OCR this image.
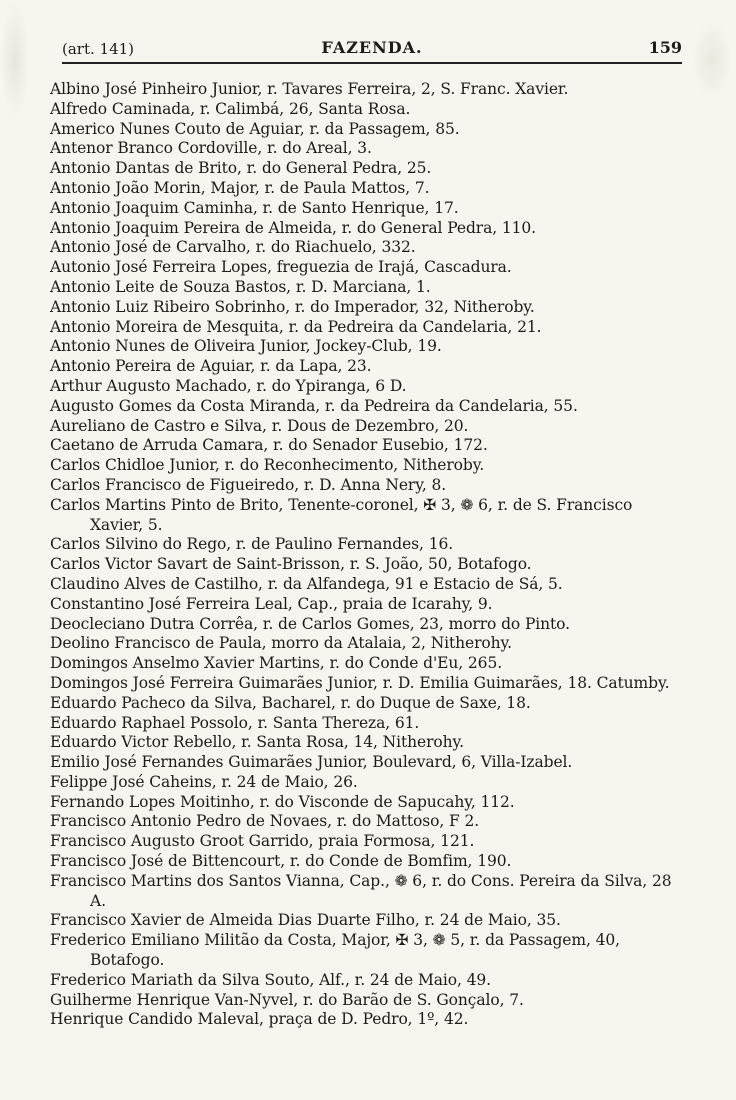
(art. 141)	FAZENDA.	159

Albino José Pinheiro Junior, r. Tavares Ferreira, 2, S. Franc. Xavier.

Alfredo Caminada, r. Calimbá, 26, Santa Rosa.

Americo Nunes Couto de Aguiar, r. da Passagem, 85.

Antenor Branco Cordoville, r. do Areal, 3.

Antonio Dantas de Brito, r. do General Pedra, 25.

Antonio João Morin, Major, r. de Paula Mattos, 7.

Antonio Joaquim Caminha, r. de Santo Henrique, 17.

Antonio Joaquim Pereira de Almeida, r. do General Pedra, 110.

Antonio José de Carvalho, r. do Riachuelo, 332.

Autonio José Ferreira Lopes, freguezia de Irajá, Cascadura.

Antonio Leite de Souza Bastos, r. D. Marciana, 1.

Antonio Luiz Ribeiro Sobrinho, r. do Imperador, 32, Nitheroby.

Antonio Moreira de Mesquita, r. da Pedreira da Candelaria, 21.

Antonio Nunes de Oliveira Junior, Jockey-Club, 19.

Antonio Pereira de Aguiar, r. da Lapa, 23.

Arthur Augusto Machado, r. do Ypiranga, 6 D.

Augusto Gomes da Costa Miranda, r. da Pedreira da Candelaria, 55.

Aureliano de Castro e Silva, r. Dous de Dezembro, 20.

Caetano de Arruda Camara, r. do Senador Eusebio, 172.

Carlos Chidloe Junior, r. do Reconhecimento, Nitheroby.

Carlos Francisco de Figueiredo, r. D. Anna Nery, 8.

Carlos Martins Pinto de Brito, Tenente-coronel, ✠ 3, ❁ 6, r. de S. Francisco Xavier, 5.

Carlos Silvino do Rego, r. de Paulino Fernandes, 16.

Carlos Victor Savart de Saint-Brisson, r. S. João, 50, Botafogo.

Claudino Alves de Castilho, r. da Alfandega, 91 e Estacio de Sá, 5.

Constantino José Ferreira Leal, Cap., praia de Icarahy, 9.

Deocleciano Dutra Corrêa, r. de Carlos Gomes, 23, morro do Pinto.

Deolino Francisco de Paula, morro da Atalaia, 2, Nitherohy.

Domingos Anselmo Xavier Martins, r. do Conde d'Eu, 265.

Domingos José Ferreira Guimarães Junior, r. D. Emilia Guimarães, 18. Catumby.

Eduardo Pacheco da Silva, Bacharel, r. do Duque de Saxe, 18.

Eduardo Raphael Possolo, r. Santa Thereza, 61.

Eduardo Victor Rebello, r. Santa Rosa, 14, Nitherohy.

Emilio José Fernandes Guimarães Junior, Boulevard, 6, Villa-Izabel.

Felippe José Caheins, r. 24 de Maio, 26.

Fernando Lopes Moitinho, r. do Visconde de Sapucahy, 112.

Francisco Antonio Pedro de Novaes, r. do Mattoso, F 2.

Francisco Augusto Groot Garrido, praia Formosa, 121.

Francisco José de Bittencourt, r. do Conde de Bomfim, 190.

Francisco Martins dos Santos Vianna, Cap., ❁ 6, r. do Cons. Pereira da Silva, 28 A.

Francisco Xavier de Almeida Dias Duarte Filho, r. 24 de Maio, 35.

Frederico Emiliano Militão da Costa, Major, ✠ 3, ❁ 5, r. da Passagem, 40, Botafogo.

Frederico Mariath da Silva Souto, Alf., r. 24 de Maio, 49.

Guilherme Henrique Van-Nyvel, r. do Barão de S. Gonçalo, 7.

Henrique Candido Maleval, praça de D. Pedro, 1º, 42.
